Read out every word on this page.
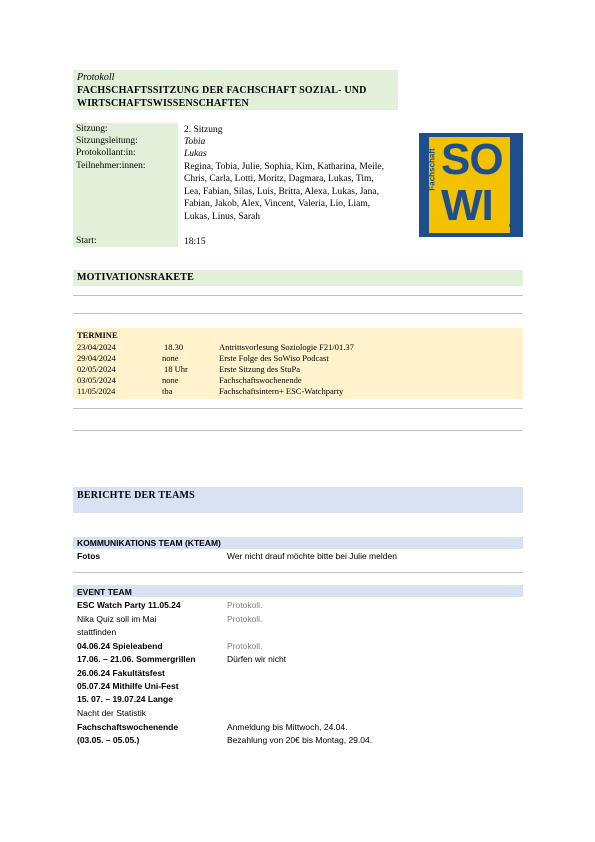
Protokoll
FACHSCHAFTSSITZUNG DER FACHSCHAFT SOZIAL- UND WIRTSCHAFTSWISSENSCHAFTEN
Sitzung:	2. Sitzung
Sitzungsleitung:	Tobia
Protokollant:in:	Lukas
Teilnehmer:innen:	Regina, Tobia, Julie, Sophia, Kim, Katharina, Meile, Chris, Carla, Lotti, Moritz, Dagmara, Lukas, Tim, Lea, Fabian, Silas, Luis, Britta, Alexa, Lukas, Jana, Fabian, Jakob, Alex, Vincent, Valeria, Lio, Liam, Lukas, Linus, Sarah
Start:	18:15
SO
WI
Fachschaft
Bamberg
MOTIVATIONSRAKETE
TERMINE
23/04/2024	18.30	Antrittsvorlesung Soziologie F21/01.37
29/04/2024	none	Erste Folge des SoWiso Podcast
02/05/2024	18 Uhr	Erste Sitzung des StuPa
03/05/2024	none	Fachschaftswochenende
11/05/2024	tba	Fachschaftsintern+ ESC-Watchparty
BERICHTE DER TEAMS
KOMMUNIKATIONS TEAM (KTEAM)
Fotos	Wer nicht drauf möchte bitte bei Julie melden
EVENT TEAM
ESC Watch Party 11.05.24	Protokoll.
Nika Quiz soll im Mai	Protokoll.
stattfinden
04.06.24 Spieleabend	Protokoll.
17.06. – 21.06. Sommergrillen	Dürfen wir nicht
26.06.24 Fakultätsfest
05.07.24 Mithilfe Uni-Fest
15. 07. – 19.07.24 Lange
Nacht der Statistik
Fachschaftswochenende	Anmeldung bis Mittwoch, 24.04.
(03.05. – 05.05.)	Bezahlung von 20€ bis Montag, 29.04.
